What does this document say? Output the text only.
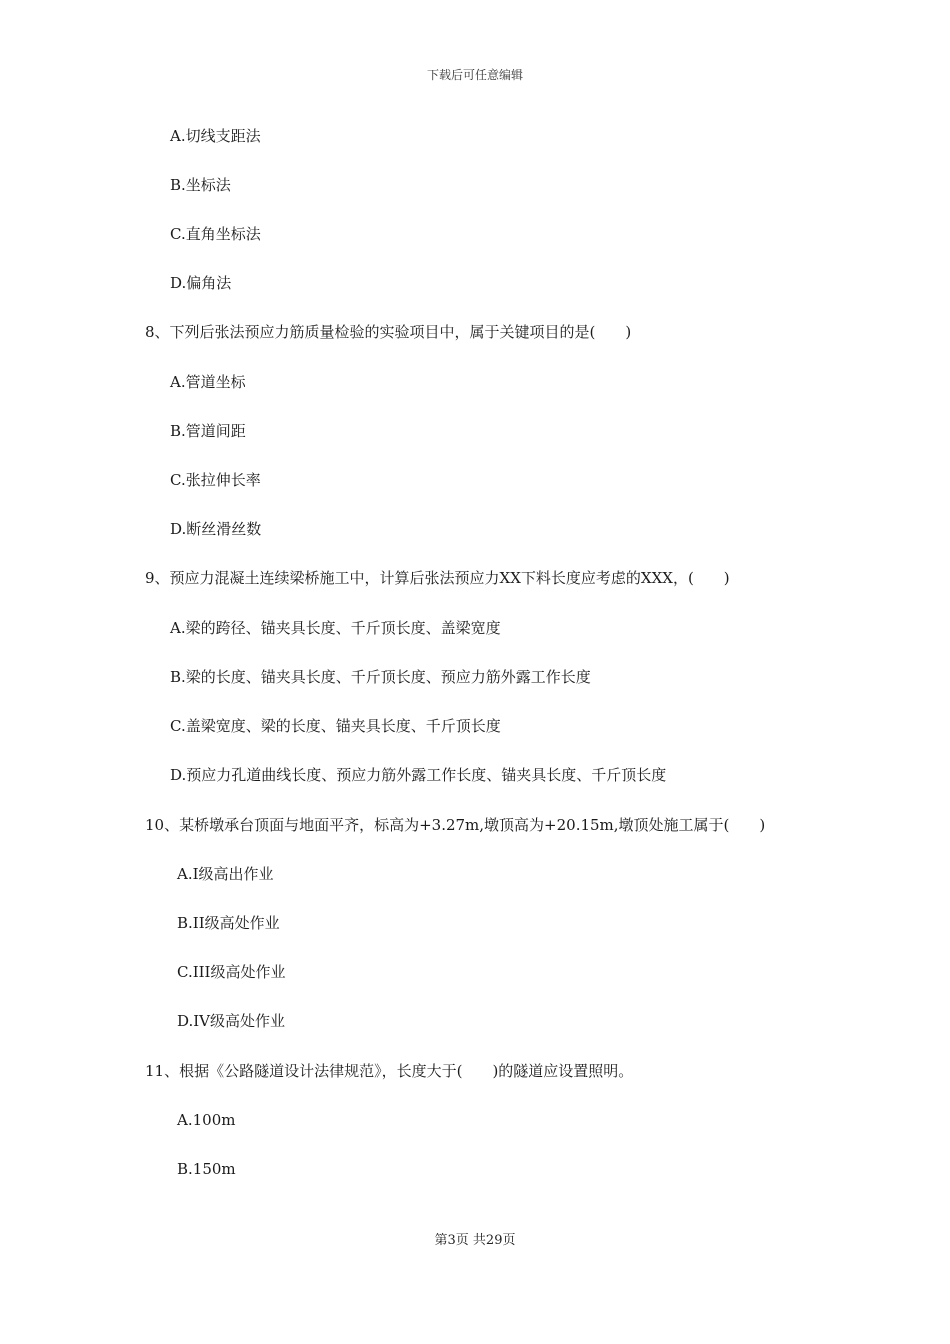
下载后可任意编辑
A.切线支距法
B.坐标法
C.直角坐标法
D.偏角法
8、下列后张法预应力筋质量检验的实验项目中，属于关键项目的是(　　)
A.管道坐标
B.管道间距
C.张拉伸长率
D.断丝滑丝数
9、预应力混凝土连续梁桥施工中，计算后张法预应力XX下料长度应考虑的XXX，(　　)
A.梁的跨径、锚夹具长度、千斤顶长度、盖梁宽度
B.梁的长度、锚夹具长度、千斤顶长度、预应力筋外露工作长度
C.盖梁宽度、梁的长度、锚夹具长度、千斤顶长度
D.预应力孔道曲线长度、预应力筋外露工作长度、锚夹具长度、千斤顶长度
10、某桥墩承台顶面与地面平齐，标高为+3.27m,墩顶高为+20.15m,墩顶处施工属于(　　)
A.I级高出作业
B.II级高处作业
C.III级高处作业
D.IV级高处作业
11、根据《公路隧道设计法律规范》，长度大于(　　)的隧道应设置照明。
A.100m
B.150m
第3页 共29页
